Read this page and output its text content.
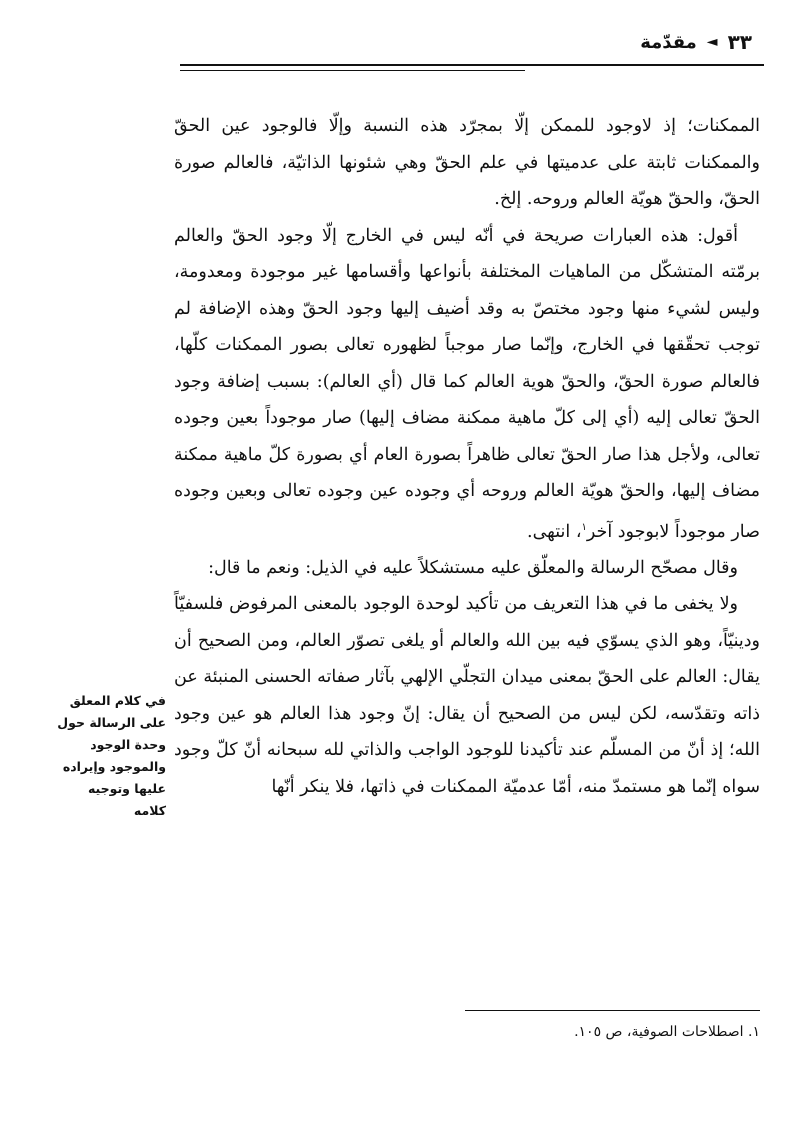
٣٣
◄
مقدّمة

الممكنات؛ إذ لاوجود للممكن إلّا بمجرّد هذه النسبة وإلّا فالوجود عين الحقّ والممكنات ثابتة على عدميتها في علم الحقّ وهي شئونها الذاتيّة، فالعالم صورة الحقّ، والحقّ هويّة العالم وروحه. إلخ.

أقول: هذه العبارات صريحة في أنّه ليس في الخارج إلّا وجود الحقّ والعالم برمّته المتشكّل من الماهيات المختلفة بأنواعها وأقسامها غير موجودة ومعدومة، وليس لشيء منها وجود مختصّ به وقد أضيف إليها وجود الحقّ وهذه الإضافة لم توجب تحقّقها في الخارج، وإنّما صار موجباً لظهوره تعالى بصور الممكنات كلّها، فالعالم صورة الحقّ، والحقّ هوية العالم كما قال (أي العالم): بسبب إضافة وجود الحقّ تعالى إليه (أي إلى كلّ ماهية ممكنة مضاف إليها) صار موجوداً بعين وجوده تعالى، ولأجل هذا صار الحقّ تعالى ظاهراً بصورة العام أي بصورة كلّ ماهية ممكنة مضاف إليها، والحقّ هويّة العالم وروحه أي وجوده عين وجوده تعالى وبعين وجوده صار موجوداً لابوجود آخر$^١$، انتهى.

وقال مصحّح الرسالة والمعلّق عليه مستشكلاً عليه في الذيل: ونعم ما قال:

ولا يخفى ما في هذا التعريف من تأكيد لوحدة الوجود بالمعنى المرفوض فلسفيّاً ودينيّاً، وهو الذي يسوّي فيه بين الله والعالم أو يلغى تصوّر العالم، ومن الصحيح أن يقال: العالم على الحقّ بمعنى ميدان التجلّي الإلهي بآثار صفاته الحسنى المنبئة عن ذاته وتقدّسه، لكن ليس من الصحيح أن يقال: إنّ وجود هذا العالم هو عين وجود الله؛ إذ أنّ من المسلّم عند تأكيدنا للوجود الواجب والذاتي لله سبحانه أنّ كلّ وجود سواه إنّما هو مستمدّ منه، أمّا عدميّة الممكنات في ذاتها، فلا ينكر أنّها

في كلام المعلق على الرسالة حول وحدة الوجود والموجود وإيراده عليها وتوجيه كلامه
١. اصطلاحات الصوفية، ص ١٠٥.
